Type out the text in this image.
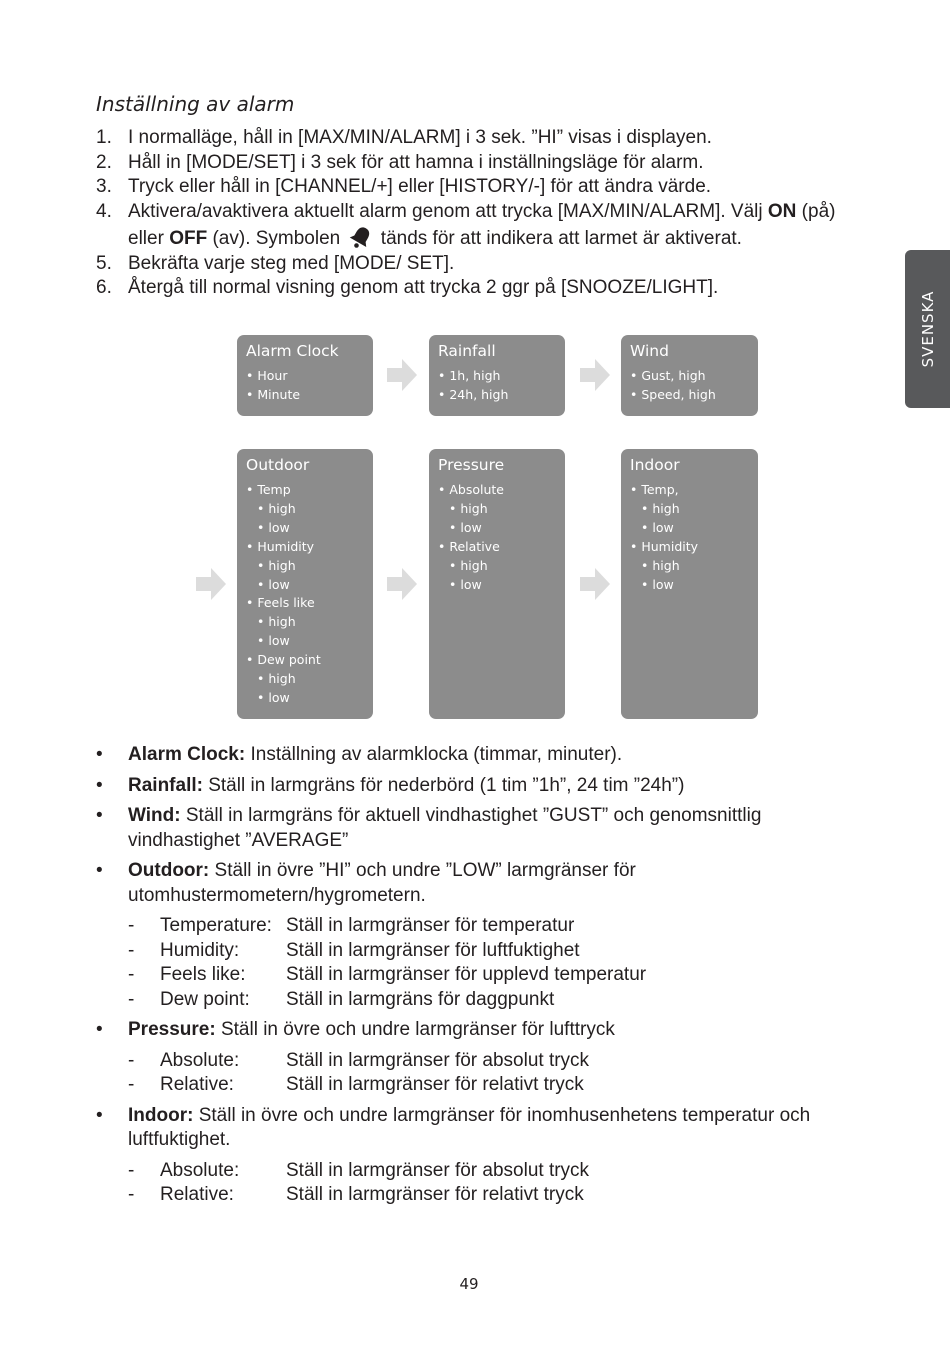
Inställning av alarm
1. I normalläge, håll in [MAX/MIN/ALARM] i 3 sek. ”HI” visas i displayen.
2. Håll in [MODE/SET] i 3 sek för att hamna i inställningsläge för alarm.
3. Tryck eller håll in [CHANNEL/+] eller [HISTORY/-] för att ändra värde.
4. Aktivera/avaktivera aktuellt alarm genom att trycka [MAX/MIN/ALARM]. Välj ON (på) eller OFF (av). Symbolen  tänds för att indikera att larmet är aktiverat.
5. Bekräfta varje steg med [MODE/ SET].
6. Återgå till normal visning genom att trycka 2 ggr på [SNOOZE/LIGHT].
SVENSKA
Alarm Clock
• Hour
• Minute
Rainfall
• 1h, high
• 24h, high
Wind
• Gust, high
• Speed, high
Outdoor
• Temp
• high
• low
• Humidity
• high
• low
• Feels like
• high
• low
• Dew point
• high
• low
Pressure
• Absolute
• high
• low
• Relative
• high
• low
Indoor
• Temp,
• high
• low
• Humidity
• high
• low
•	Alarm Clock: Inställning av alarmklocka (timmar, minuter).
•	Rainfall: Ställ in larmgräns för nederbörd (1 tim ”1h”, 24 tim ”24h”)
•	Wind: Ställ in larmgräns för aktuell vindhastighet ”GUST” och genomsnittlig vindhastighet ”AVERAGE”
•	Outdoor: Ställ in övre ”HI” och undre ”LOW” larmgränser för utomhustermometern/hygrometern.
-	Temperature: Ställ in larmgränser för temperatur
-	Humidity:	Ställ in larmgränser för luftfuktighet
-	Feels like:	Ställ in larmgränser för upplevd temperatur
-	Dew point:	Ställ in larmgräns för daggpunkt
•	Pressure: Ställ in övre och undre larmgränser för lufttryck
-	Absolute:	Ställ in larmgränser för absolut tryck
-	Relative:	Ställ in larmgränser för relativt tryck
•	Indoor: Ställ in övre och undre larmgränser för inomhusenhetens temperatur och luftfuktighet.
-	Absolute:	Ställ in larmgränser för absolut tryck
-	Relative:	Ställ in larmgränser för relativt tryck
49
